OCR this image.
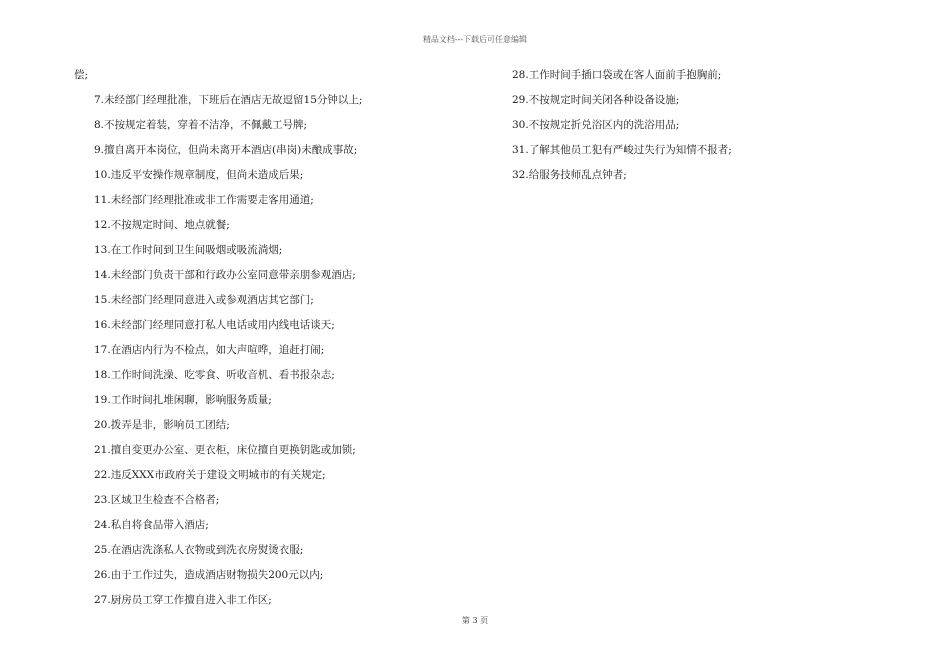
精品文档---下载后可任意编辑
偿;
7.未经部门经理批准，下班后在酒店无故逗留15分钟以上;
8.不按规定着装，穿着不洁净，不佩戴工号牌;
9.擅自离开本岗位，但尚未离开本酒店(串岗)未酿成事故;
10.违反平安操作规章制度，但尚未造成后果;
11.未经部门经理批准或非工作需要走客用通道;
12.不按规定时间、地点就餐;
13.在工作时间到卫生间吸烟或吸流淌烟;
14.未经部门负责干部和行政办公室同意带亲朋参观酒店;
15.未经部门经理同意进入或参观酒店其它部门;
16.未经部门经理同意打私人电话或用内线电话谈天;
17.在酒店内行为不检点，如大声喧哗，追赶打闹;
18.工作时间洗澡、吃零食、听收音机、看书报杂志;
19.工作时间扎堆闲聊，影响服务质量;
20.拨弄是非，影响员工团结;
21.擅自变更办公室、更衣柜，床位擅自更换钥匙或加锁;
22.违反XXX市政府关于建设文明城市的有关规定;
23.区域卫生检查不合格者;
24.私自将食品带入酒店;
25.在酒店洗涤私人衣物或到洗衣房熨烫衣服;
26.由于工作过失，造成酒店财物损失200元以内;
27.厨房员工穿工作擅自进入非工作区;
28.工作时间手插口袋或在客人面前手抱胸前;
29.不按规定时间关闭各种设备设施;
30.不按规定折兑浴区内的洗浴用品;
31.了解其他员工犯有严峻过失行为知情不报者;
32.给服务技师乱点钟者;
第 3 页
